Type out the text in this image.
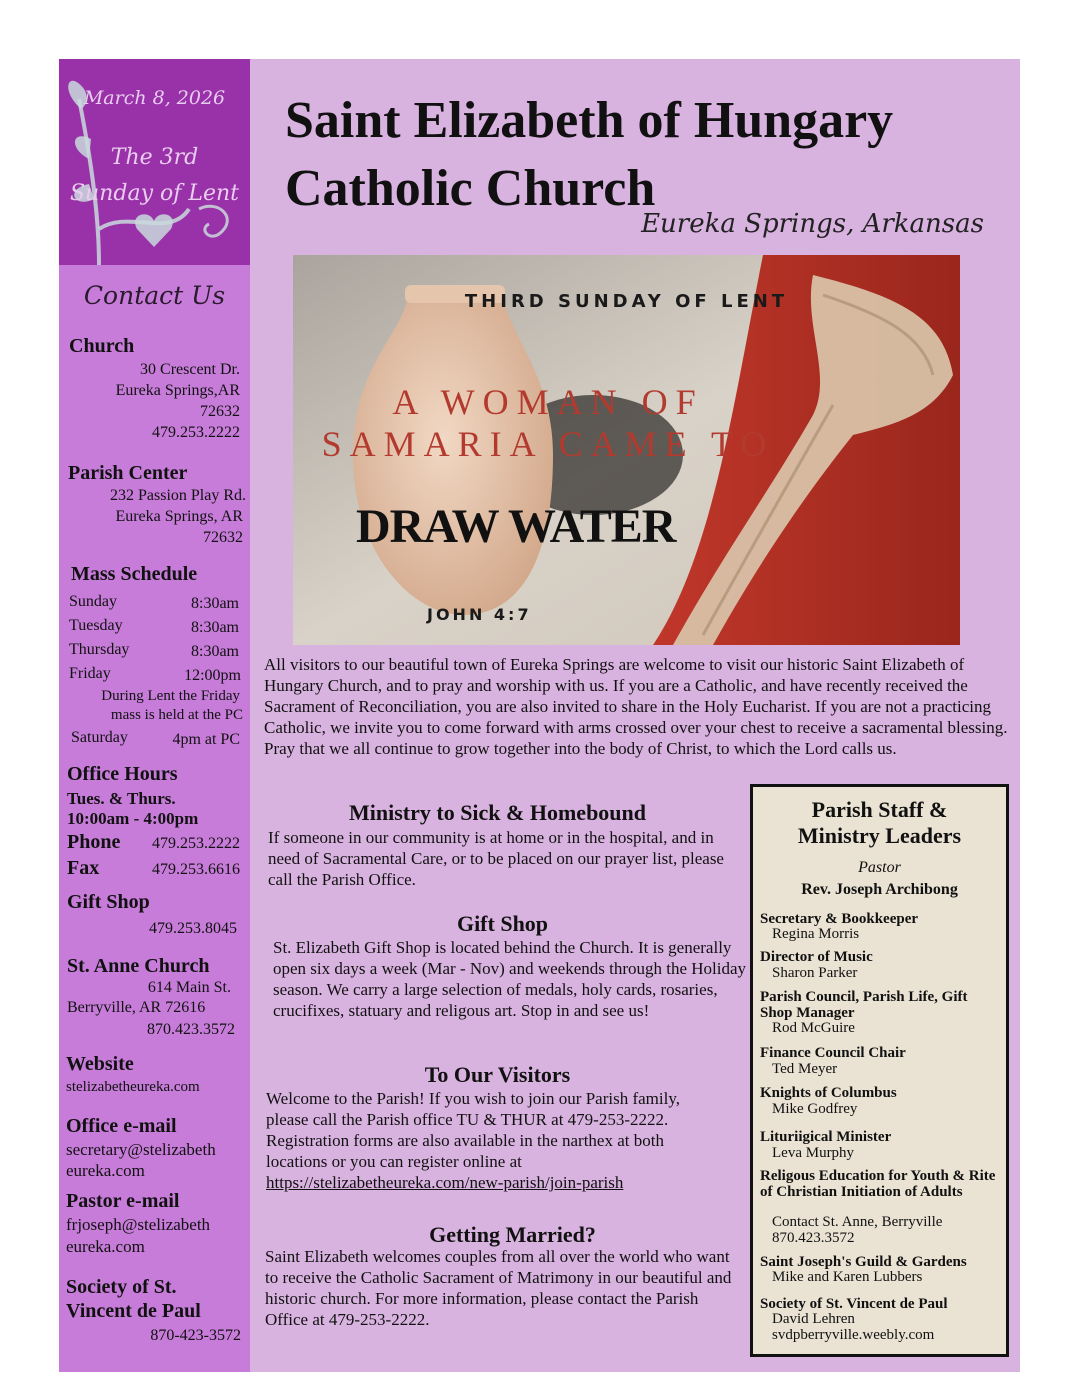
March 8, 2026
The 3rd
Sunday of Lent
Contact Us
Church
30 Crescent Dr.
Eureka Springs,AR
72632
479.253.2222
Parish Center
232 Passion Play Rd.
Eureka Springs, AR
72632
Mass Schedule
Sunday	8:30am
Tuesday	8:30am
Thursday	8:30am
Friday	12:00pm
During Lent the Friday
mass is held at the PC
Saturday	4pm at PC
Office Hours
Tues. & Thurs.
10:00am - 4:00pm
Phone	479.253.2222
Fax	479.253.6616
Gift Shop
479.253.8045
St. Anne Church
614 Main St.
Berryville, AR 72616
870.423.3572
Website
stelizabetheureka.com
Office e-mail
secretary@stelizabeth
eureka.com
Pastor e-mail
frjoseph@stelizabeth
eureka.com
Society of St.
Vincent de Paul
870-423-3572
Saint Elizabeth of Hungary
Catholic Church
Eureka Springs, Arkansas
THIRD SUNDAY OF LENT
A WOMAN OF
SAMARIA CAME TO
DRAW WATER
JOHN 4:7
All visitors to our beautiful town of Eureka Springs are welcome to visit our historic Saint Elizabeth of Hungary Church, and to pray and worship with us. If you are a Catholic, and have recently received the Sacrament of Reconciliation, you are also invited to share in the Holy Eucharist. If you are not a practicing Catholic, we invite you to come forward with arms crossed over your chest to receive a sacramental blessing. Pray that we all continue to grow together into the body of Christ, to which the Lord calls us.
Ministry to Sick & Homebound
If someone in our community is at home or in the hospital, and in need of Sacramental Care, or to be placed on our prayer list, please call the Parish Office.
Gift Shop
St. Elizabeth Gift Shop is located behind the Church. It is generally open six days a week (Mar - Nov) and weekends through the Holiday season. We carry a large selection of medals, holy cards, rosaries, crucifixes, statuary and religous art. Stop in and see us!
To Our Visitors
Welcome to the Parish! If you wish to join our Parish family, please call the Parish office TU & THUR at 479-253-2222. Registration forms are also available in the narthex at both locations or you can register online at https://stelizabetheureka.com/new-parish/join-parish
Getting Married?
Saint Elizabeth welcomes couples from all over the world who want to receive the Catholic Sacrament of Matrimony in our beautiful and historic church. For more information, please contact the Parish Office at 479-253-2222.
Parish Staff &
Ministry Leaders
Pastor
Rev. Joseph Archibong
Secretary & Bookkeeper
Regina Morris
Director of Music
Sharon Parker
Parish Council, Parish Life, Gift Shop Manager
Rod McGuire
Finance Council Chair
Ted Meyer
Knights of Columbus
Mike Godfrey
Lituriigical Minister
Leva Murphy
Religous Education for Youth & Rite of Christian Initiation of Adults
Contact St. Anne, Berryville
870.423.3572
Saint Joseph's Guild & Gardens
Mike and Karen Lubbers
Society of St. Vincent de Paul
David Lehren
svdpberryville.weebly.com
